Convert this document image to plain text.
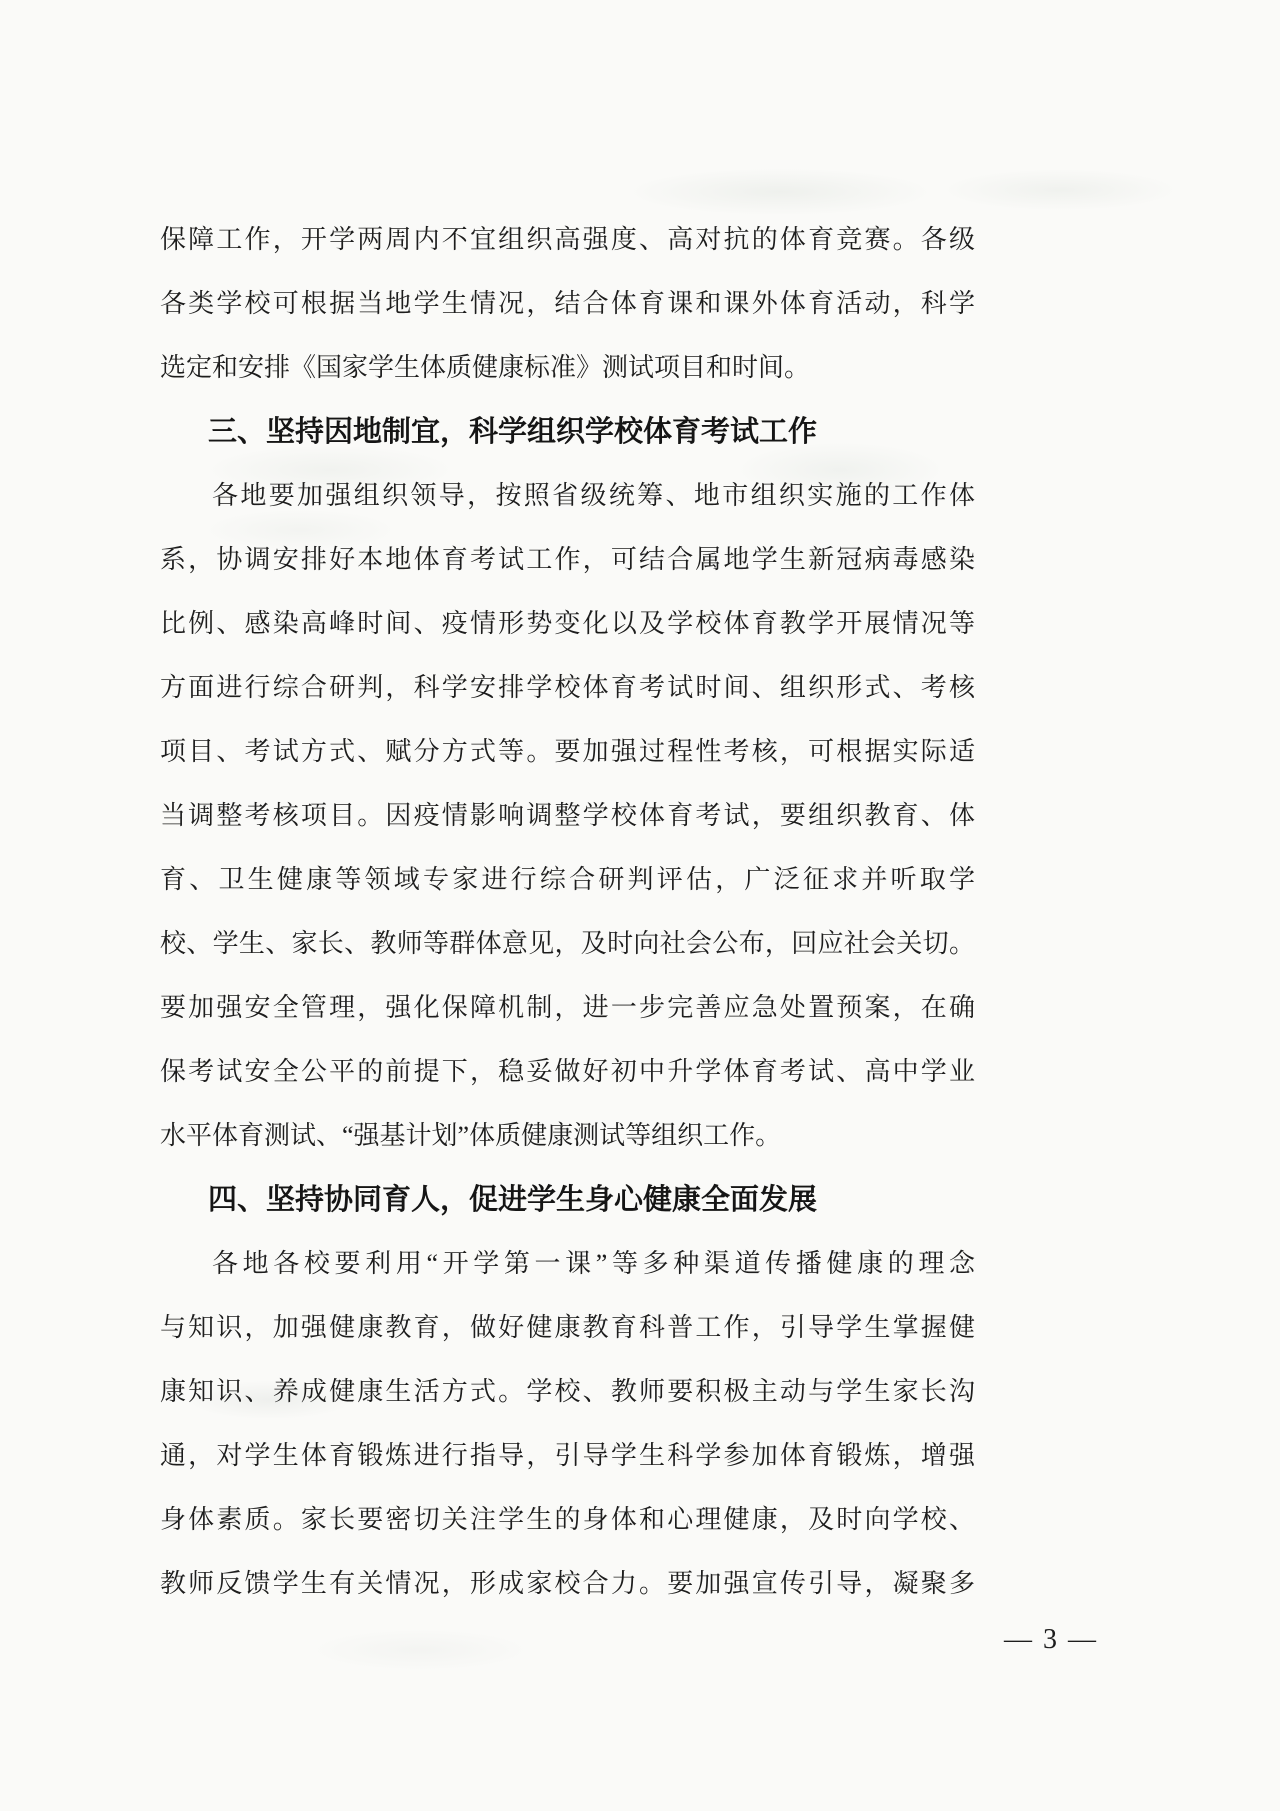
保障工作，开学两周内不宜组织高强度、高对抗的体育竞赛。各级
各类学校可根据当地学生情况，结合体育课和课外体育活动，科学
选定和安排《国家学生体质健康标准》测试项目和时间。
三、坚持因地制宜，科学组织学校体育考试工作
各地要加强组织领导，按照省级统筹、地市组织实施的工作体
系，协调安排好本地体育考试工作，可结合属地学生新冠病毒感染
比例、感染高峰时间、疫情形势变化以及学校体育教学开展情况等
方面进行综合研判，科学安排学校体育考试时间、组织形式、考核
项目、考试方式、赋分方式等。要加强过程性考核，可根据实际适
当调整考核项目。因疫情影响调整学校体育考试，要组织教育、体
育、卫生健康等领域专家进行综合研判评估，广泛征求并听取学
校、学生、家长、教师等群体意见，及时向社会公布，回应社会关切。
要加强安全管理，强化保障机制，进一步完善应急处置预案，在确
保考试安全公平的前提下，稳妥做好初中升学体育考试、高中学业
水平体育测试、“强基计划”体质健康测试等组织工作。
四、坚持协同育人，促进学生身心健康全面发展
各地各校要利用“开学第一课”等多种渠道传播健康的理念
与知识，加强健康教育，做好健康教育科普工作，引导学生掌握健
康知识、养成健康生活方式。学校、教师要积极主动与学生家长沟
通，对学生体育锻炼进行指导，引导学生科学参加体育锻炼，增强
身体素质。家长要密切关注学生的身体和心理健康，及时向学校、
教师反馈学生有关情况，形成家校合力。要加强宣传引导，凝聚多
— 3 —
